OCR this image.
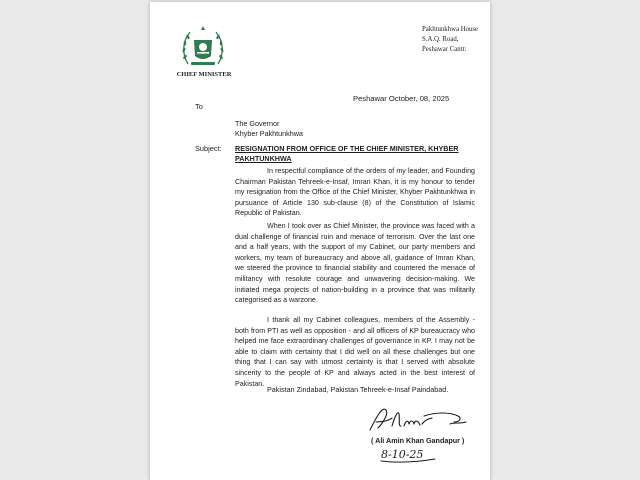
CHIEF MINISTER
Pakhtunkhwa House
S.A.Q. Road,
Peshawar Cantt:
Peshawar October, 08, 2025
To
The Governor
Khyber Pakhtunkhwa
Subject: RESIGNATION FROM OFFICE OF THE CHIEF MINISTER, KHYBER PAKHTUNKHWA
In respectful compliance of the orders of my leader, and Founding Chairman Pakistan Tehreek-e-Insaf, Imran Khan, it is my honour to tender my resignation from the Office of the Chief Minister, Khyber Pakhtunkhwa in pursuance of Article 130 sub-clause (8) of the Constitution of Islamic Republic of Pakistan.
When I took over as Chief Minister, the province was faced with a dual challenge of financial ruin and menace of terrorism. Over the last one and a half years, with the support of my Cabinet, our party members and workers, my team of bureaucracy and above all, guidance of Imran Khan, we steered the province to financial stability and countered the menace of militancy with resolute courage and unwavering decision-making. We initiated mega projects of nation-building in a province that was militarily categorised as a warzone.
I thank all my Cabinet colleagues, members of the Assembly - both from PTI as well as opposition - and all officers of KP bureaucracy who helped me face extraordinary challenges of governance in KP. I may not be able to claim with certainty that I did well on all these challenges but one thing that I can say with utmost certainty is that I served with absolute sincerity to the people of KP and always acted in the best interest of Pakistan.
Pakistan Zindabad, Pakistan Tehreek-e-Insaf Paindabad.
( Ali Amin Khan Gandapur )
8-10-25
